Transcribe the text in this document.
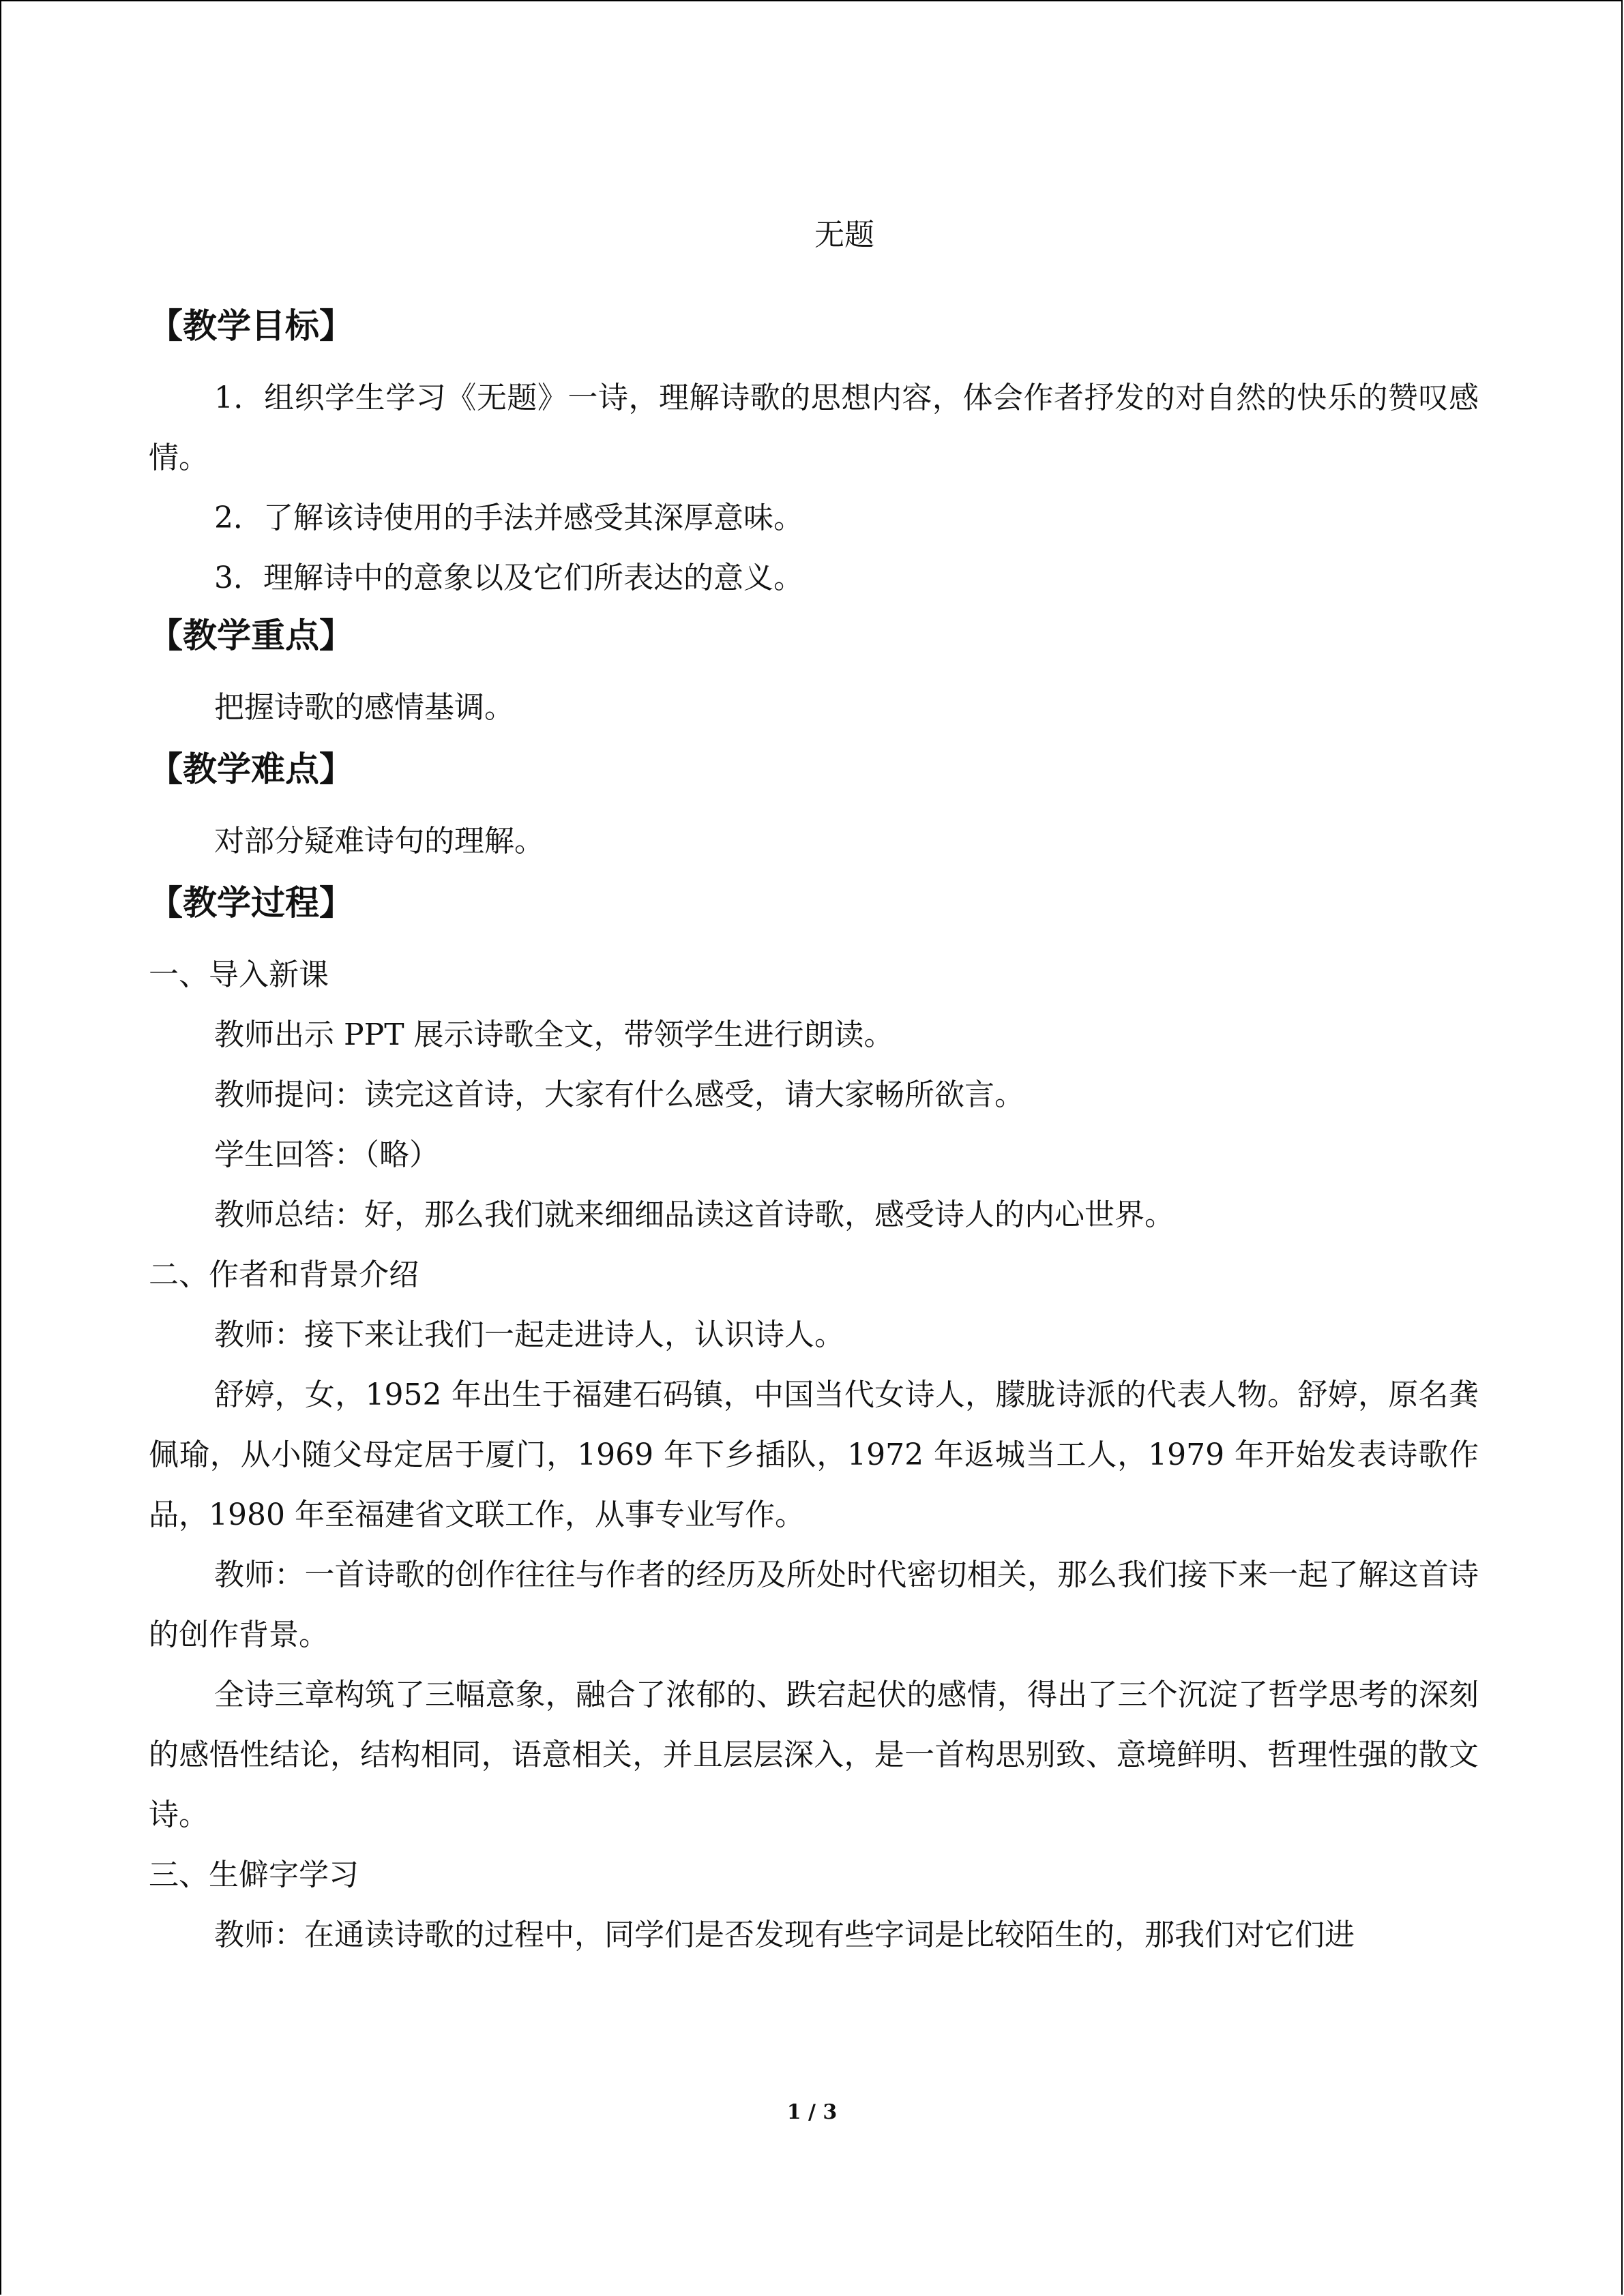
无题

【教学目标】

1．组织学生学习《无题》一诗，理解诗歌的思想内容，体会作者抒发的对自然的快乐的赞叹感情。

2．了解该诗使用的手法并感受其深厚意味。

3．理解诗中的意象以及它们所表达的意义。

【教学重点】

把握诗歌的感情基调。

【教学难点】

对部分疑难诗句的理解。

【教学过程】

一、导入新课

教师出示 PPT 展示诗歌全文，带领学生进行朗读。

教师提问：读完这首诗，大家有什么感受，请大家畅所欲言。

学生回答：（略）

教师总结：好，那么我们就来细细品读这首诗歌，感受诗人的内心世界。

二、作者和背景介绍

教师：接下来让我们一起走进诗人，认识诗人。

舒婷，女，1952 年出生于福建石码镇，中国当代女诗人，朦胧诗派的代表人物。舒婷，原名龚佩瑜，从小随父母定居于厦门，1969 年下乡插队，1972 年返城当工人，1979 年开始发表诗歌作品，1980 年至福建省文联工作，从事专业写作。

教师：一首诗歌的创作往往与作者的经历及所处时代密切相关，那么我们接下来一起了解这首诗的创作背景。

全诗三章构筑了三幅意象，融合了浓郁的、跌宕起伏的感情，得出了三个沉淀了哲学思考的深刻的感悟性结论，结构相同，语意相关，并且层层深入，是一首构思别致、意境鲜明、哲理性强的散文诗。

三、生僻字学习

教师：在通读诗歌的过程中，同学们是否发现有些字词是比较陌生的，那我们对它们进

1 / 3
